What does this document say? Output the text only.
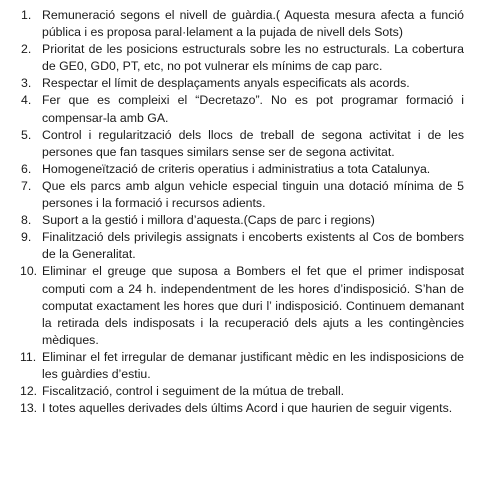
1. Remuneració segons el nivell de guàrdia.( Aquesta mesura afecta a funció pública i es proposa paral·lelament a la pujada de nivell dels Sots)
2. Prioritat de les posicions estructurals sobre les no estructurals. La cobertura de GE0, GD0, PT, etc, no pot vulnerar els mínims de cap parc.
3. Respectar el límit de desplaçaments anyals especificats als acords.
4. Fer que es compleixi el “Decretazo”. No es pot programar formació i compensar-la amb GA.
5. Control i regularització dels llocs de treball de segona activitat i de les persones que fan tasques similars sense ser de segona activitat.
6. Homogeneïtzació de criteris operatius i administratius a tota Catalunya.
7. Que els parcs amb algun vehicle especial tinguin una dotació mínima de 5 persones i la formació i recursos adients.
8. Suport a la gestió i millora d’aquesta.(Caps de parc i regions)
9. Finalització dels privilegis assignats i encoberts existents al Cos de bombers de la Generalitat.
10. Eliminar el greuge que suposa a Bombers el fet que el primer indisposat computi com a 24 h. independentment de les hores d’indisposició. S’han de computat exactament les hores que duri l’ indisposició. Continuem demanant la retirada dels indisposats i la recuperació dels ajuts a les contingències mèdiques.
11. Eliminar el fet irregular de demanar justificant mèdic en les indisposicions de les guàrdies d’estiu.
12. Fiscalització, control i seguiment de la mútua de treball.
13. I totes aquelles derivades dels últims Acord i que haurien de seguir vigents.
